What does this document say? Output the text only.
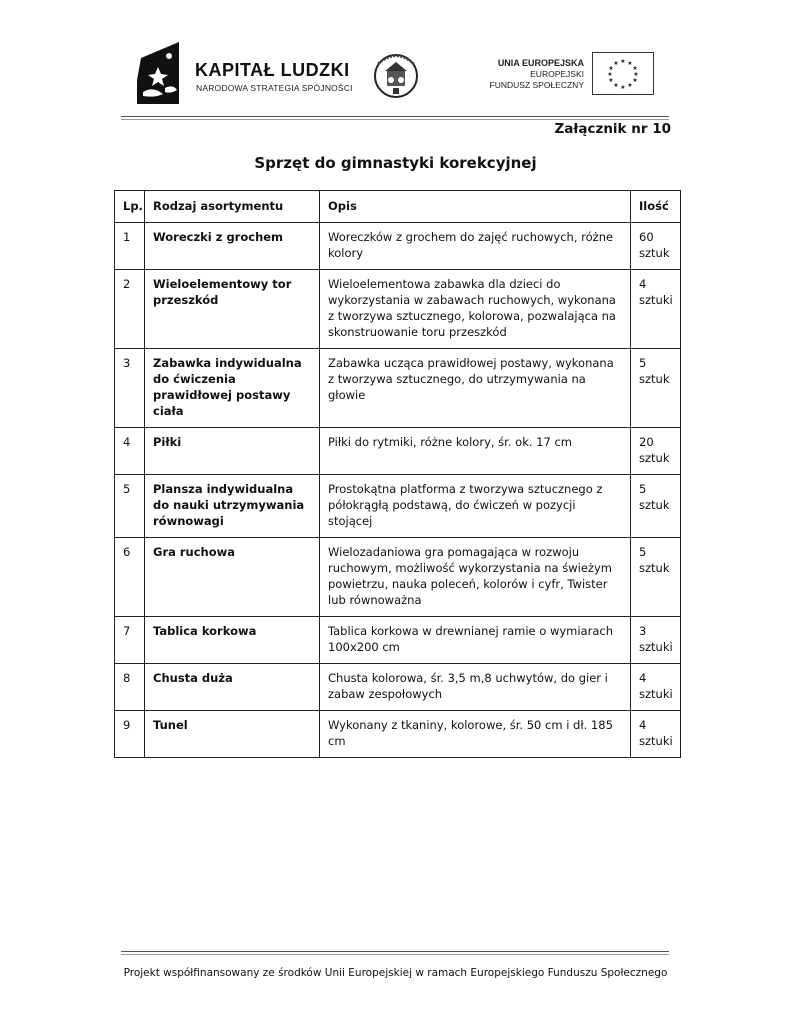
KAPITAŁ LUDZKI
NARODOWA STRATEGIA SPÓJNOŚCI
UNIA EUROPEJSKA
EUROPEJSKI
FUNDUSZ SPOŁECZNY
★ ★
★
★
★
★
★
★
★
★
★
★
Załącznik nr 10
Sprzęt do gimnastyki korekcyjnej
Lp.	Rodzaj asortymentu	Opis	Ilość
1	Woreczki z grochem	Woreczków z grochem do zajęć ruchowych, różne kolory	60 sztuk
2	Wieloelementowy tor przeszkód	Wieloelementowa zabawka dla dzieci do wykorzystania w zabawach ruchowych, wykonana z tworzywa sztucznego, kolorowa, pozwalająca na skonstruowanie toru przeszkód	4 sztuki
3	Zabawka indywidualna do ćwiczenia prawidłowej postawy ciała	Zabawka ucząca prawidłowej postawy, wykonana z tworzywa sztucznego, do utrzymywania na głowie	5 sztuk
4	Piłki	Piłki do rytmiki, różne kolory, śr. ok. 17 cm	20 sztuk
5	Plansza indywidualna do nauki utrzymywania równowagi	Prostokątna platforma z tworzywa sztucznego z półokrągłą podstawą, do ćwiczeń w pozycji stojącej	5 sztuk
6	Gra ruchowa	Wielozadaniowa gra pomagająca w rozwoju ruchowym, możliwość wykorzystania na świeżym powietrzu, nauka poleceń, kolorów i cyfr, Twister lub równoważna	5 sztuk
7	Tablica korkowa	Tablica korkowa w drewnianej ramie o wymiarach 100x200 cm	3 sztuki
8	Chusta duża	Chusta kolorowa, śr. 3,5 m,8 uchwytów, do gier i zabaw zespołowych	4 sztuki
9	Tunel	Wykonany z tkaniny, kolorowe, śr. 50 cm i dł. 185 cm	4 sztuki
Projekt współfinansowany ze środków Unii Europejskiej w ramach Europejskiego Funduszu Społecznego
